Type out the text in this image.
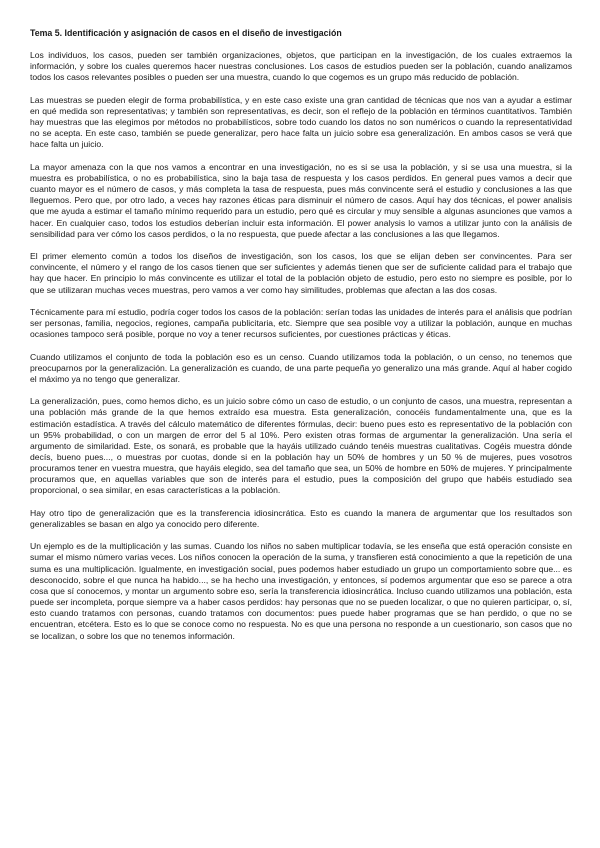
Tema 5. Identificación y asignación de casos en el diseño de investigación
Los individuos, los casos, pueden ser también organizaciones, objetos, que participan en la investigación, de los cuales extraemos la información, y sobre los cuales queremos hacer nuestras conclusiones. Los casos de estudios pueden ser la población, cuando analizamos todos los casos relevantes posibles o pueden ser una muestra, cuando lo que cogemos es un grupo más reducido de población.
Las muestras se pueden elegir de forma probabilística, y en este caso existe una gran cantidad de técnicas que nos van a ayudar a estimar en qué medida son representativas; y también son representativas, es decir, son el reflejo de la población en términos cuantitativos. También hay muestras que las elegimos por métodos no probabilísticos, sobre todo cuando los datos no son numéricos o cuando la representatividad no se acepta. En este caso, también se puede generalizar, pero hace falta un juicio sobre esa generalización. En ambos casos se verá que hace falta un juicio.
La mayor amenaza con la que nos vamos a encontrar en una investigación, no es si se usa la población, y si se usa una muestra, si la muestra es probabilística, o no es probabilística, sino la baja tasa de respuesta y los casos perdidos. En general pues vamos a decir que cuanto mayor es el número de casos, y más completa la tasa de respuesta, pues más convincente será el estudio y conclusiones a las que lleguemos. Pero que, por otro lado, a veces hay razones éticas para disminuir el número de casos. Aquí hay dos técnicas, el power analisis que me ayuda a estimar el tamaño mínimo requerido para un estudio, pero qué es circular y muy sensible a algunas asunciones que vamos a hacer. En cualquier caso, todos los estudios deberían incluir esta información. El power analysis lo vamos a utilizar junto con la análisis de sensibilidad para ver cómo los casos perdidos, o la no respuesta, que puede afectar a las conclusiones a las que llegamos.
El primer elemento común a todos los diseños de investigación, son los casos, los que se elijan deben ser convincentes. Para ser convincente, el número y el rango de los casos tienen que ser suficientes y además tienen que ser de suficiente calidad para el trabajo que hay que hacer. En principio lo más convincente es utilizar el total de la población objeto de estudio, pero esto no siempre es posible, por lo que se utilizaran muchas veces muestras, pero vamos a ver como hay similitudes, problemas que afectan a las dos cosas.
Técnicamente para mí estudio, podría coger todos los casos de la población: serían todas las unidades de interés para el análisis que podrían ser personas, familia, negocios, regiones, campaña publicitaria, etc. Siempre que sea posible voy a utilizar la población, aunque en muchas ocasiones tampoco será posible, porque no voy a tener recursos suficientes, por cuestiones prácticas y éticas.
Cuando utilizamos el conjunto de toda la población eso es un censo. Cuando utilizamos toda la población, o un censo, no tenemos que preocuparnos por la generalización. La generalización es cuando, de una parte pequeña yo generalizo una más grande. Aquí al haber cogido el máximo ya no tengo que generalizar.
La generalización, pues, como hemos dicho, es un juicio sobre cómo un caso de estudio, o un conjunto de casos, una muestra, representan a una población más grande de la que hemos extraído esa muestra. Esta generalización, conocéis fundamentalmente una, que es la estimación estadística. A través del cálculo matemático de diferentes fórmulas, decir: bueno pues esto es representativo de la población con un 95% probabilidad, o con un margen de error del 5 al 10%. Pero existen otras formas de argumentar la generalización. Una sería el argumento de similaridad. Este, os sonará, es probable que la hayáis utilizado cuándo tenéis muestras cualitativas. Cogéis muestra dónde decís, bueno pues..., o muestras por cuotas, donde si en la población hay un 50% de hombres y un 50 % de mujeres, pues vosotros procuramos tener en vuestra muestra, que hayáis elegido, sea del tamaño que sea, un 50% de hombre en 50% de mujeres. Y principalmente procuramos que, en aquellas variables que son de interés para el estudio, pues la composición del grupo que habéis estudiado sea proporcional, o sea similar, en esas características a la población.
Hay otro tipo de generalización que es la transferencia idiosincrática. Esto es cuando la manera de argumentar que los resultados son generalizables se basan en algo ya conocido pero diferente.
Un ejemplo es de la multiplicación y las sumas. Cuando los niños no saben multiplicar todavía, se les enseña que está operación consiste en sumar el mismo número varias veces. Los niños conocen la operación de la suma, y transfieren está conocimiento a que la repetición de una suma es una multiplicación. Igualmente, en investigación social, pues podemos haber estudiado un grupo un comportamiento sobre que... es desconocido, sobre el que nunca ha habido..., se ha hecho una investigación, y entonces, sí podemos argumentar que eso se parece a otra cosa que sí conocemos, y montar un argumento sobre eso, sería la transferencia idiosincrática. Incluso cuando utilizamos una población, esta puede ser incompleta, porque siempre va a haber casos perdidos: hay personas que no se pueden localizar, o que no quieren participar, o, sí, esto cuando tratamos con personas, cuando tratamos con documentos: pues puede haber programas que se han perdido, o que no se encuentran, etcétera. Esto es lo que se conoce como no respuesta. No es que una persona no responde a un cuestionario, son casos que no se localizan, o sobre los que no tenemos información.
